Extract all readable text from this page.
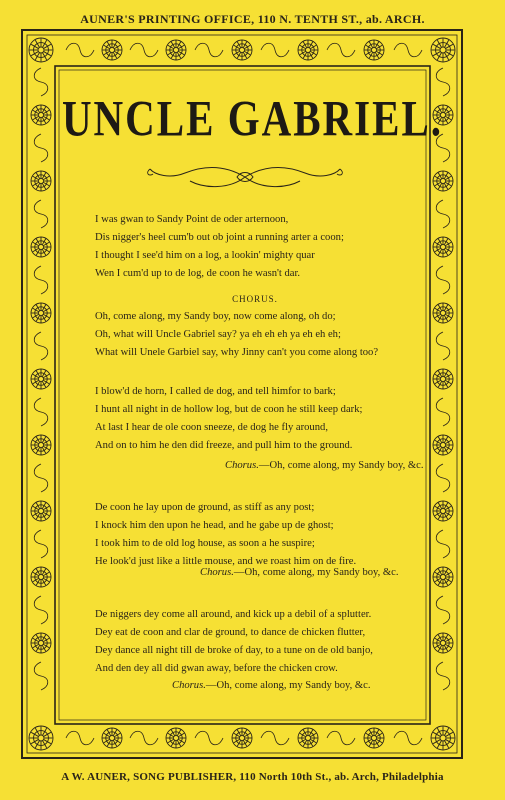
AUNER'S PRINTING OFFICE, 110 N. TENTH ST., ab. ARCH.
UNCLE GABRIEL.
I was gwan to Sandy Point de oder arternoon,
Dis nigger's heel cum'b out ob joint a running arter a coon;
I thought I see'd him on a log, a lookin' mighty quar
Wen I cum'd up to de log, de coon he wasn't dar.
CHORUS.
Oh, come along, my Sandy boy, now come along, oh do;
Oh, what will Uncle Gabriel say? ya eh eh eh ya eh eh eh;
What will Unele Garbiel say, why Jinny can't you come along too?
I blow'd de horn, I called de dog, and tell himfor to bark;
I hunt all night in de hollow log, but de coon he still keep dark;
At last I hear de ole coon sneeze, de dog he fly around,
And on to him he den did freeze, and pull him to the ground.
Chorus.—Oh, come along, my Sandy boy, &c.
De coon he lay upon de ground, as stiff as any post;
I knock him den upon he head, and he gabe up de ghost;
I took him to de old log house, as soon a he suspire;
He look'd just like a little mouse, and we roast him on de fire.
Chorus.—Oh, come along, my Sandy boy, &c.
De niggers dey come all around, and kick up a debil of a splutter.
Dey eat de coon and clar de ground, to dance de chicken flutter,
Dey dance all night till de broke of day, to a tune on de old banjo,
And den dey all did gwan away, before the chicken crow.
Chorus.—Oh, come along, my Sandy boy, &c.
A W. AUNER, SONG PUBLISHER, 110 North 10th St., ab. Arch, Philadelphia
